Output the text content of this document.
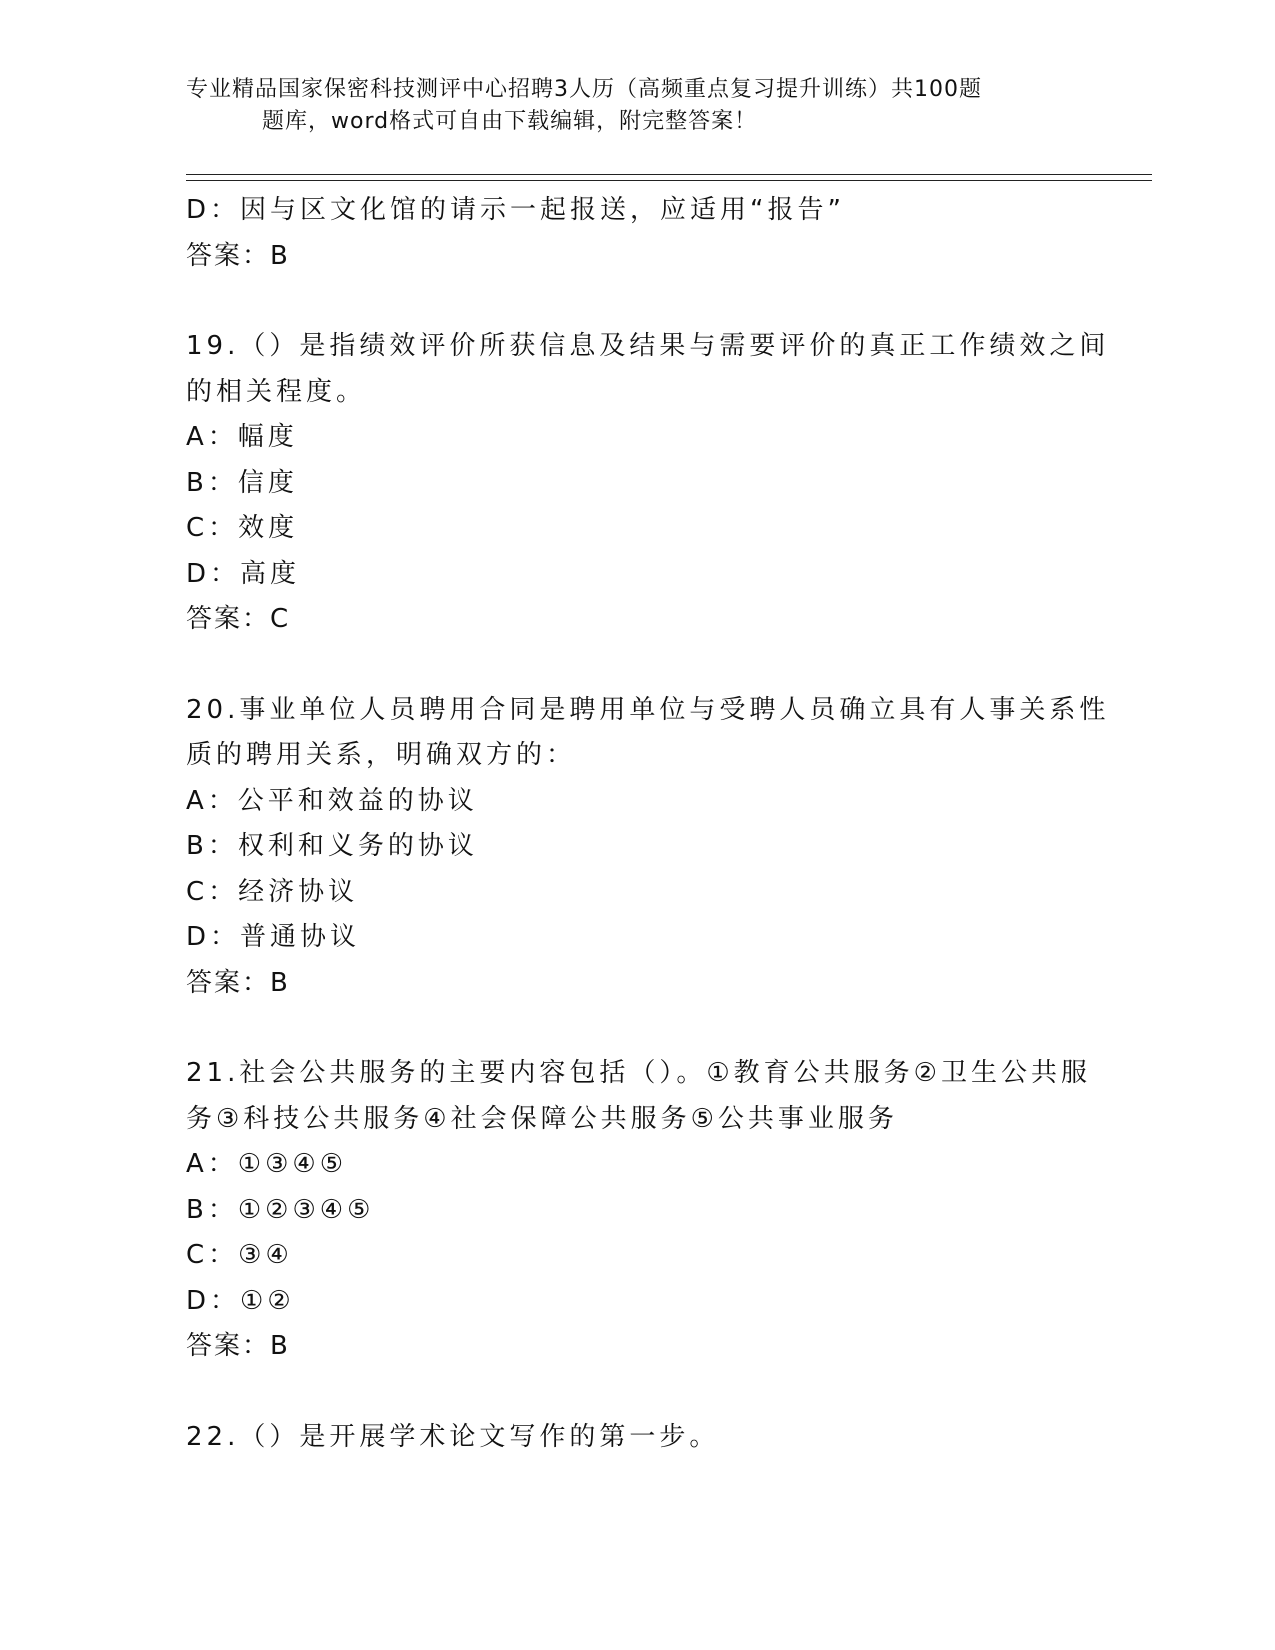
专业精品国家保密科技测评中心招聘3人历（高频重点复习提升训练）共100题
题库，word格式可自由下载编辑，附完整答案！
D：因与区文化馆的请示一起报送，应适用“报告”
答案：B
19.（）是指绩效评价所获信息及结果与需要评价的真正工作绩效之间
的相关程度。
A：幅度
B：信度
C：效度
D：高度
答案：C
20.事业单位人员聘用合同是聘用单位与受聘人员确立具有人事关系性
质的聘用关系，明确双方的：
A：公平和效益的协议
B：权利和义务的协议
C：经济协议
D：普通协议
答案：B
21.社会公共服务的主要内容包括（）。①教育公共服务②卫生公共服
务③科技公共服务④社会保障公共服务⑤公共事业服务
A：①③④⑤
B：①②③④⑤
C：③④
D：①②
答案：B
22.（）是开展学术论文写作的第一步。
